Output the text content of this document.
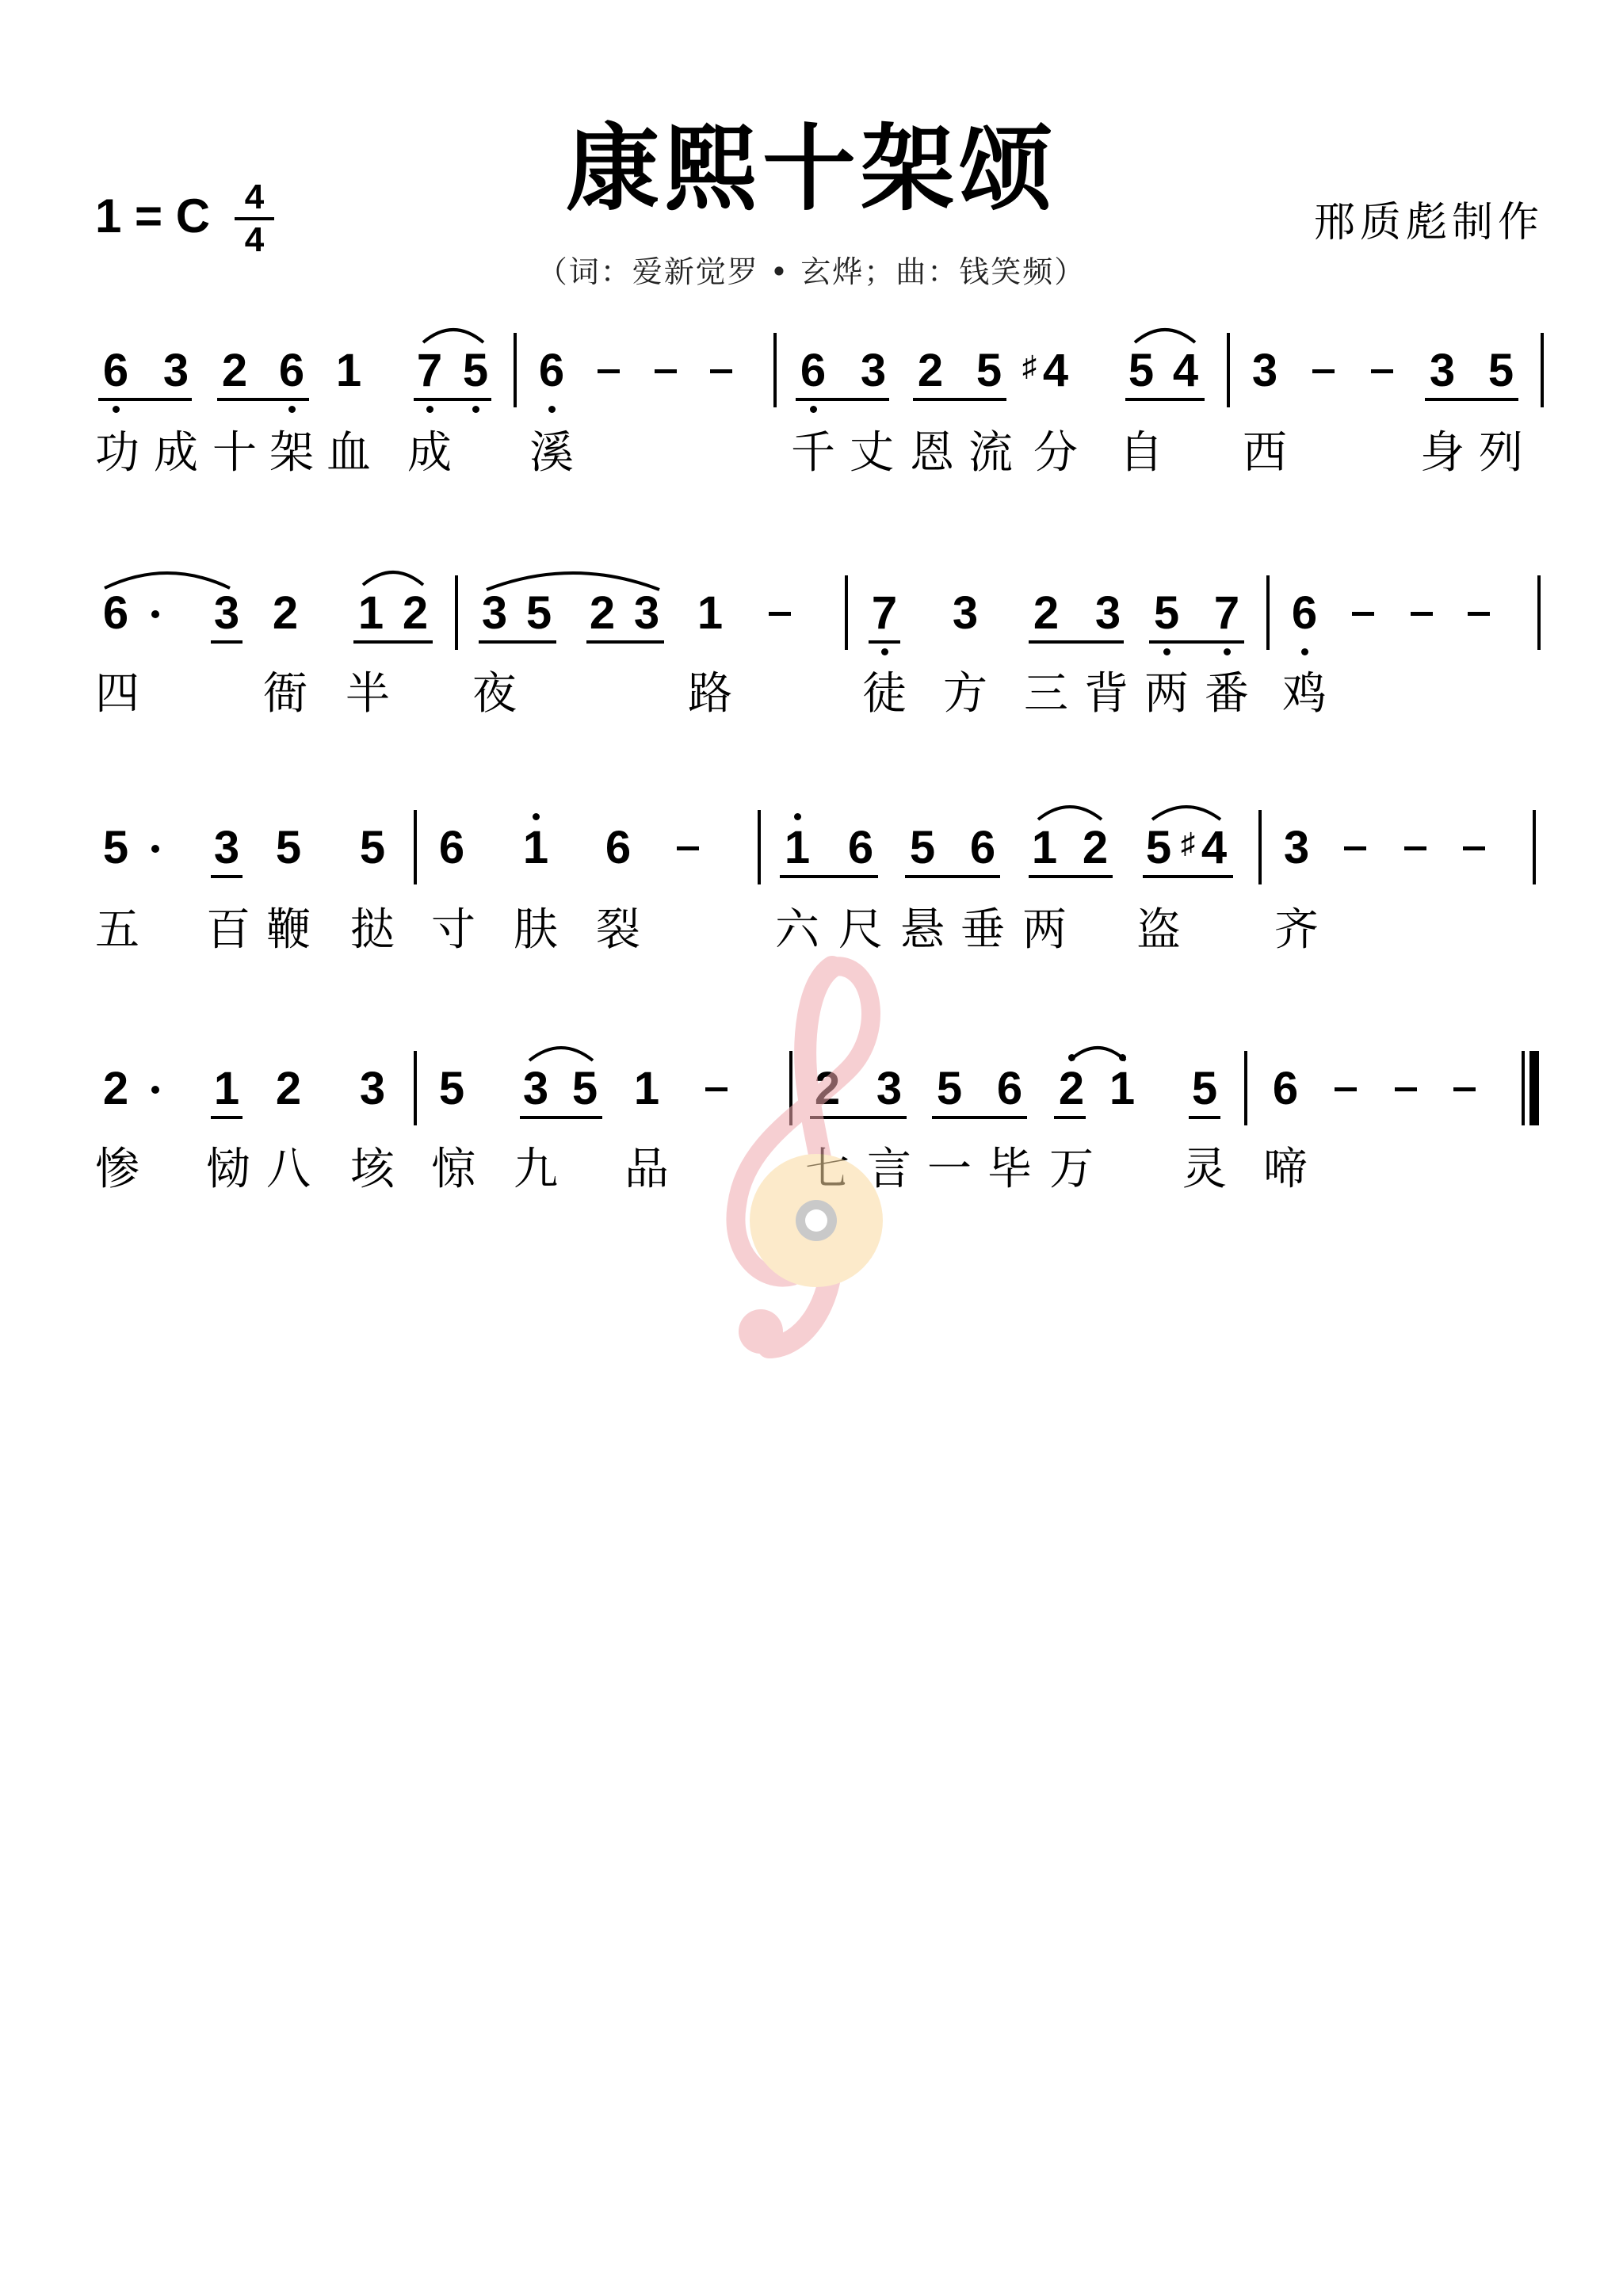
康熙十架颂
1 = C 4
4	邢质彪制作
（词：爱新觉罗 • 玄烨；曲：钱笑频）
6 3 2 6 1 7 5 6	6 3 2 5 ♯ 4 5 4 3	3 5
功 成 十 架 血 成 溪	千 丈 恩 流 分 自 西	身 列
6 3 2 1 2 3 5 2 3 1	7 3 2 3 5 7 6
四	衙 半 夜	路	徒 方 三 背 两 番 鸡
5 3 5 5 6 1 6	1 6 5 6 1 2 5 ♯ 4 3
五 百 鞭 挞 寸 肤 裂	六 尺 悬 垂 两 盗 齐
2 1 2 3 5 3 5 1	2 3 5 6 2 1 5 6
惨 恸 八 垓 惊 九 品	言 一 毕 万 灵 啼
